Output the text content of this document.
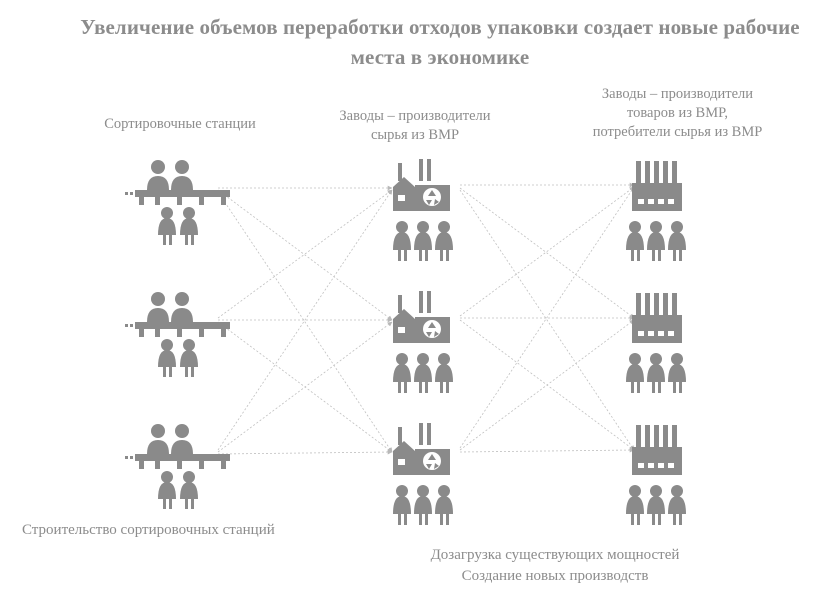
Увеличение объемов переработки отходов упаковки создает новые рабочие места в экономике
Сортировочные станции	Заводы – производители
сырья из ВМР
Заводы – производители
товаров из ВМР,
потребители сырья из ВМР
Строительство сортировочных станций
Дозагрузка существующих мощностей
Создание новых производств
